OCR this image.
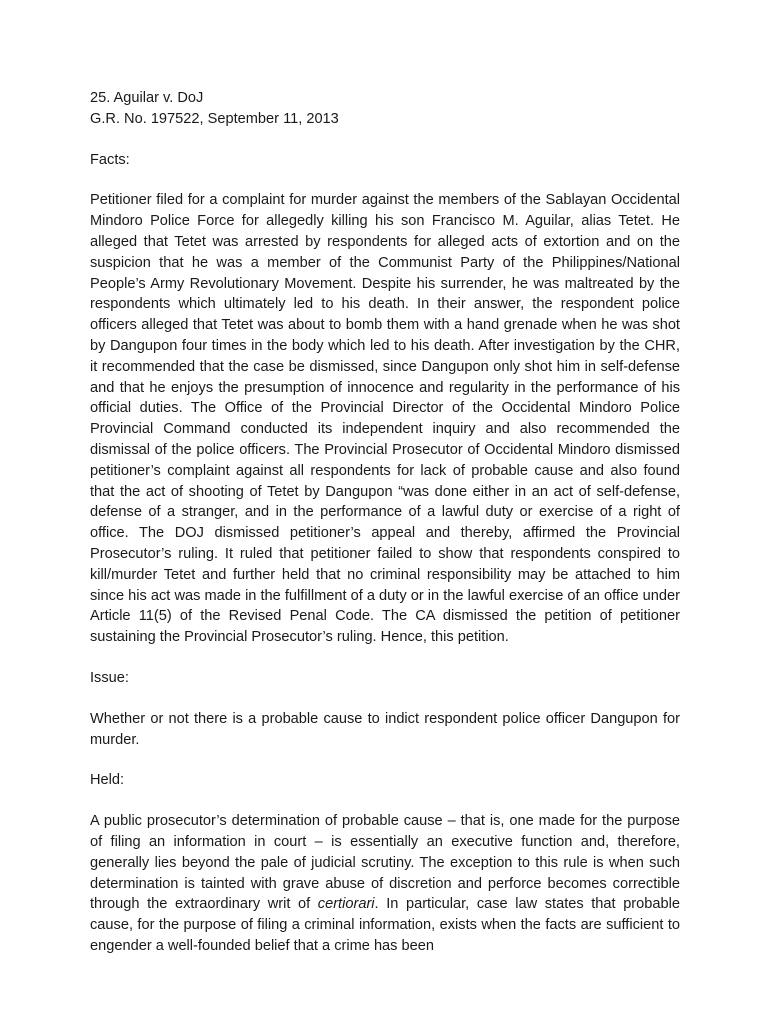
25. Aguilar v. DoJ

G.R. No. 197522, September 11, 2013

Facts:

Petitioner filed for a complaint for murder against the members of the Sablayan Occidental Mindoro Police Force for allegedly killing his son Francisco M. Aguilar, alias Tetet. He alleged that Tetet was arrested by respondents for alleged acts of extortion and on the suspicion that he was a member of the Communist Party of the Philippines/National People’s Army Revolutionary Movement. Despite his surrender, he was maltreated by the respondents which ultimately led to his death. In their answer, the respondent police officers alleged that Tetet was about to bomb them with a hand grenade when he was shot by Dangupon four times in the body which led to his death. After investigation by the CHR, it recommended that the case be dismissed, since Dangupon only shot him in self-defense and that he enjoys the presumption of innocence and regularity in the performance of his official duties. The Office of the Provincial Director of the Occidental Mindoro Police Provincial Command conducted its independent inquiry and also recommended the dismissal of the police officers. The Provincial Prosecutor of Occidental Mindoro dismissed petitioner’s complaint against all respondents for lack of probable cause and also found that the act of shooting of Tetet by Dangupon “was done either in an act of self-defense, defense of a stranger, and in the performance of a lawful duty or exercise of a right of office. The DOJ dismissed petitioner’s appeal and thereby, affirmed the Provincial Prosecutor’s ruling. It ruled that petitioner failed to show that respondents conspired to kill/murder Tetet and further held that no criminal responsibility may be attached to him since his act was made in the fulfillment of a duty or in the lawful exercise of an office under Article 11(5) of the Revised Penal Code. The CA dismissed the petition of petitioner sustaining the Provincial Prosecutor’s ruling. Hence, this petition.

Issue:

Whether or not there is a probable cause to indict respondent police officer Dangupon for murder.

Held:

A public prosecutor’s determination of probable cause – that is, one made for the purpose of filing an information in court – is essentially an executive function and, therefore, generally lies beyond the pale of judicial scrutiny. The exception to this rule is when such determination is tainted with grave abuse of discretion and perforce becomes correctible through the extraordinary writ of certiorari. In particular, case law states that probable cause, for the purpose of filing a criminal information, exists when the facts are sufficient to engender a well-founded belief that a crime has been
